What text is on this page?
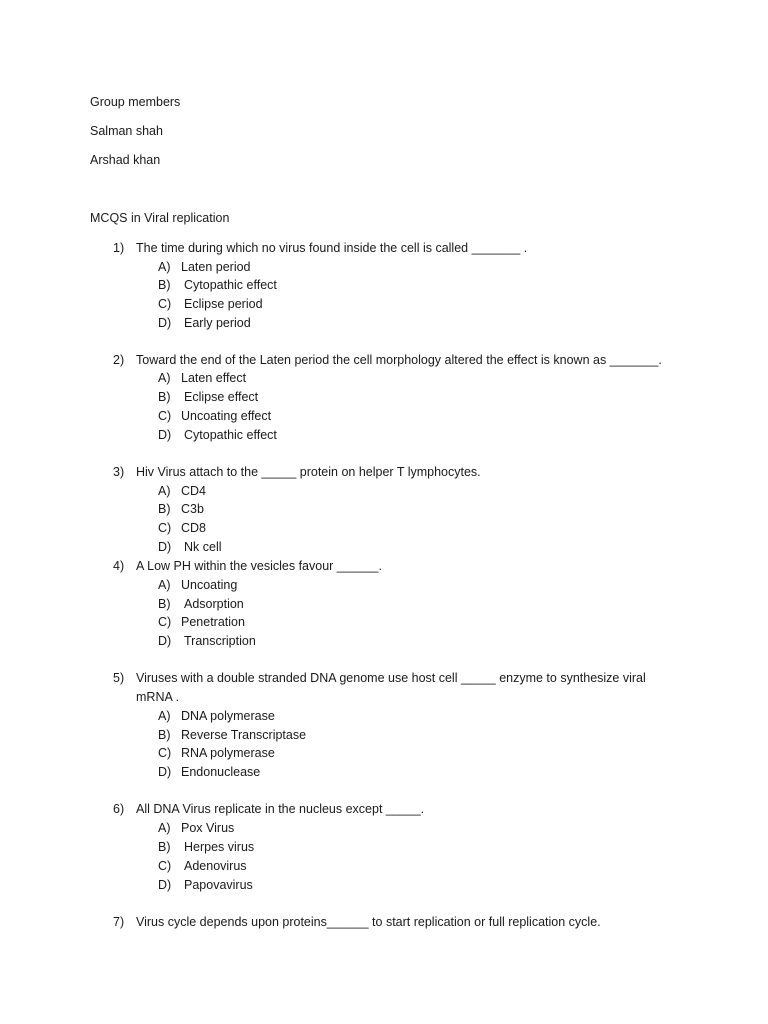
Group members
Salman shah
Arshad khan
MCQS in Viral replication
1) The time during which no virus found inside the cell is called _______ .
A) Laten period
B) Cytopathic effect
C) Eclipse period
D) Early period
2) Toward the end of the Laten period the cell morphology altered the effect is known as _______.
A) Laten effect
B) Eclipse effect
C) Uncoating effect
D) Cytopathic effect
3) Hiv Virus attach to the _____ protein on helper T lymphocytes.
A) CD4
B) C3b
C) CD8
D) Nk cell
4) A Low PH within the vesicles favour ______.
A) Uncoating
B) Adsorption
C) Penetration
D) Transcription
5) Viruses with a double stranded DNA genome use host cell _____ enzyme to synthesize viral
mRNA .
A) DNA polymerase
B) Reverse Transcriptase
C) RNA polymerase
D) Endonuclease
6) All DNA Virus replicate in the nucleus except _____.
A) Pox Virus
B) Herpes virus
C) Adenovirus
D) Papovavirus
7) Virus cycle depends upon proteins______ to start replication or full replication cycle.
